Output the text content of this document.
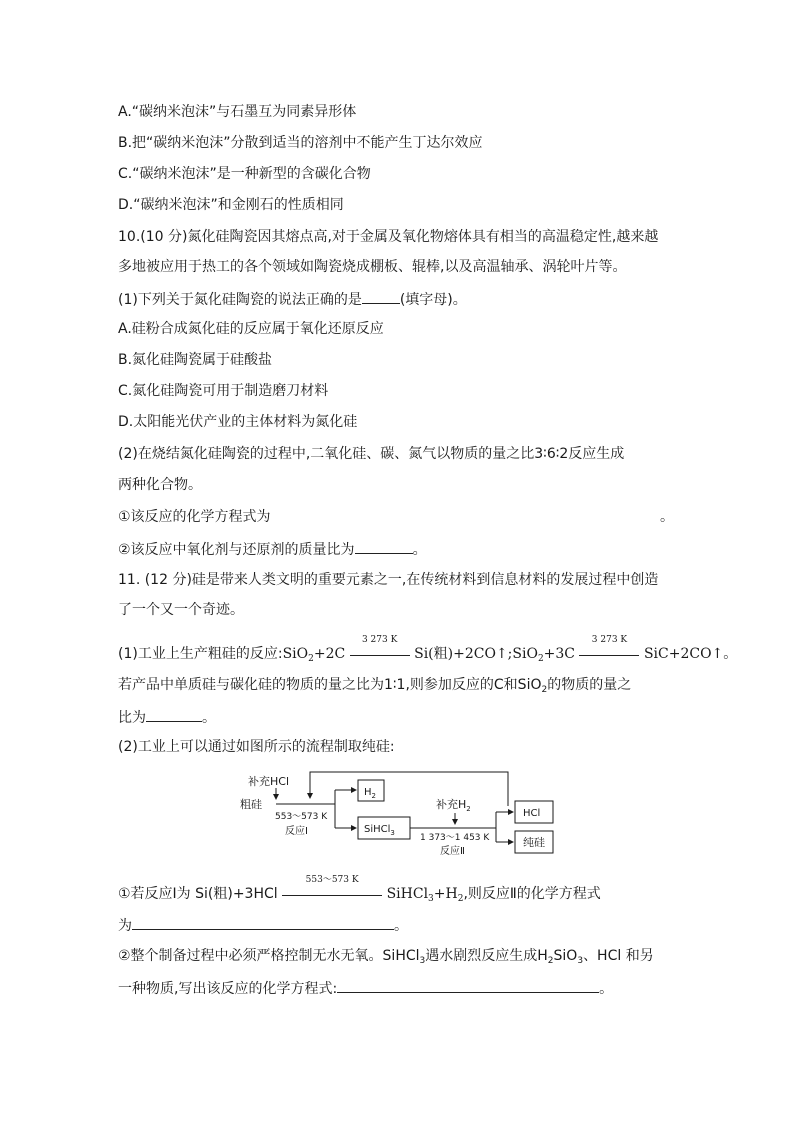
A.“碳纳米泡沫”与石墨互为同素异形体
B.把“碳纳米泡沫”分散到适当的溶剂中不能产生丁达尔效应
C.“碳纳米泡沫”是一种新型的含碳化合物
D.“碳纳米泡沫”和金刚石的性质相同
10.(10 分)氮化硅陶瓷因其熔点高,对于金属及氧化物熔体具有相当的高温稳定性,越来越
多地被应用于热工的各个领域如陶瓷烧成棚板、辊棒,以及高温轴承、涡轮叶片等。
(1)下列关于氮化硅陶瓷的说法正确的是	(填字母)。
A.硅粉合成氮化硅的反应属于氧化还原反应
B.氮化硅陶瓷属于硅酸盐
C.氮化硅陶瓷可用于制造磨刀材料
D.太阳能光伏产业的主体材料为氮化硅
(2)在烧结氮化硅陶瓷的过程中,二氧化硅、碳、氮气以物质的量之比3∶6∶2反应生成
两种化合物。
①该反应的化学方程式为	。
②该反应中氧化剂与还原剂的质量比为	。
11. (12 分)硅是带来人类文明的重要元素之一,在传统材料到信息材料的发展过程中创造
了一个又一个奇迹。
(1)工业上生产粗硅的反应:SiO$_2$+2C
3 273 K
Si(粗)+2CO↑;SiO$_2$+3C
3 273 K
SiC+2CO↑。
若产品中单质硅与碳化硅的物质的量之比为1∶1,则参加反应的C和SiO$_2$的物质的量之
比为	。
(2)工业上可以通过如图所示的流程制取纯硅:
补充HCl
粗硅
553～573 K
反应Ⅰ
$H_2$
SiHCl$_3$
补充$H_2$
1 373～1 453 K
反应Ⅱ
HCl
纯硅
①若反应Ⅰ为 Si(粗)+3HCl
553～573 K
$SiHCl_3+H_2$,则反应Ⅱ的化学方程式
为	。
②整个制备过程中必须严格控制无水无氧。SiHCl$_3$遇水剧烈反应生成$H_2SiO_3$、HCl 和另
一种物质,写出该反应的化学方程式:	。
